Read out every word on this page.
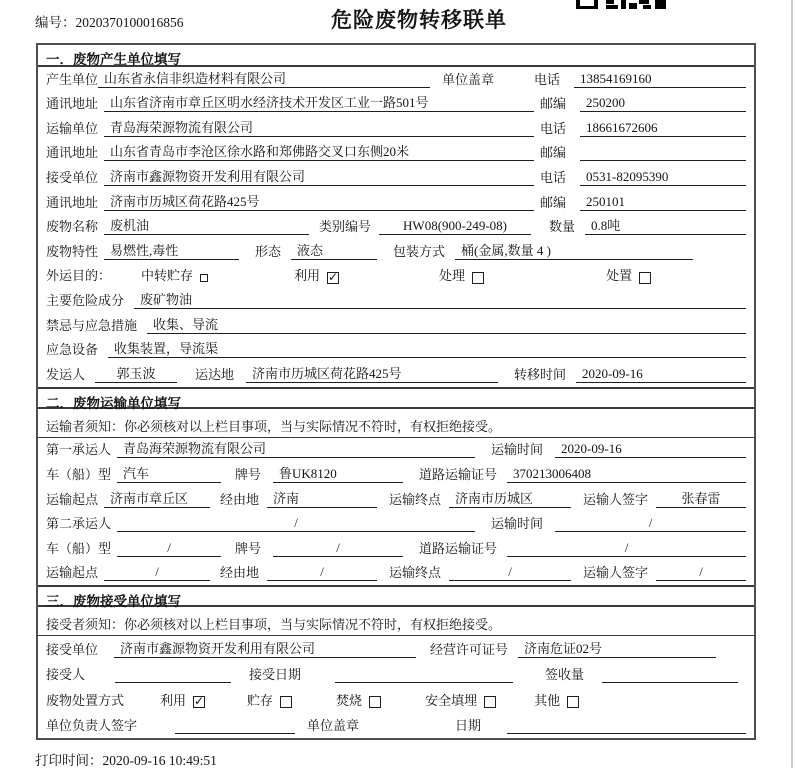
编号：2020370100016856	危险废物转移联单
一．废物产生单位填写
产生单位 山东省永信非织造材料有限公司	单位盖章	电话	13854169160
通讯地址 山东省济南市章丘区明水经济技术开发区工业一路501号	邮编	250200
运输单位 青岛海荣源物流有限公司	电话	18661672606
通讯地址 山东省青岛市李沧区徐水路和郑佛路交叉口东侧20米	邮编
接受单位 济南市鑫源物资开发利用有限公司	电话	0531-82095390
通讯地址 济南市历城区荷花路425号	邮编	250101
废物名称 废机油	类别编号	HW08(900-249-08)	数量	0.8吨
废物特性 易燃性,毒性	形态	液态	包装方式	桶(金属,数量 4 )
外运目的： 中转贮存	利用 ✓	处理	处置
主要危险成分	废矿物油
禁忌与应急措施	收集、导流
应急设备	收集装置，导流渠
发运人	郭玉波	运达地	济南市历城区荷花路425号	转移时间	2020-09-16
二．废物运输单位填写
运输者须知：你必须核对以上栏目事项，当与实际情况不符时，有权拒绝接受。
第一承运人 青岛海荣源物流有限公司	运输时间	2020-09-16
车（船）型 汽车	牌号	鲁UK8120	道路运输证号	370213006408
运输起点 济南市章丘区	经由地	济南	运输终点	济南市历城区	运输人签字	张春雷
第二承运人	/	运输时间	/
车（船）型	/	牌号	/	道路运输证号	/
运输起点	/	经由地	/	运输终点	/	运输人签字	/
三．废物接受单位填写
接受者须知：你必须核对以上栏目事项，当与实际情况不符时，有权拒绝接受。
接受单位	济南市鑫源物资开发利用有限公司	经营许可证号	济南危证02号
接受人	接受日期	签收量
废物处置方式	利用 ✓	贮存	焚烧	安全填埋	其他
单位负责人签字	单位盖章	日期
打印时间：2020-09-16 10:49:51
